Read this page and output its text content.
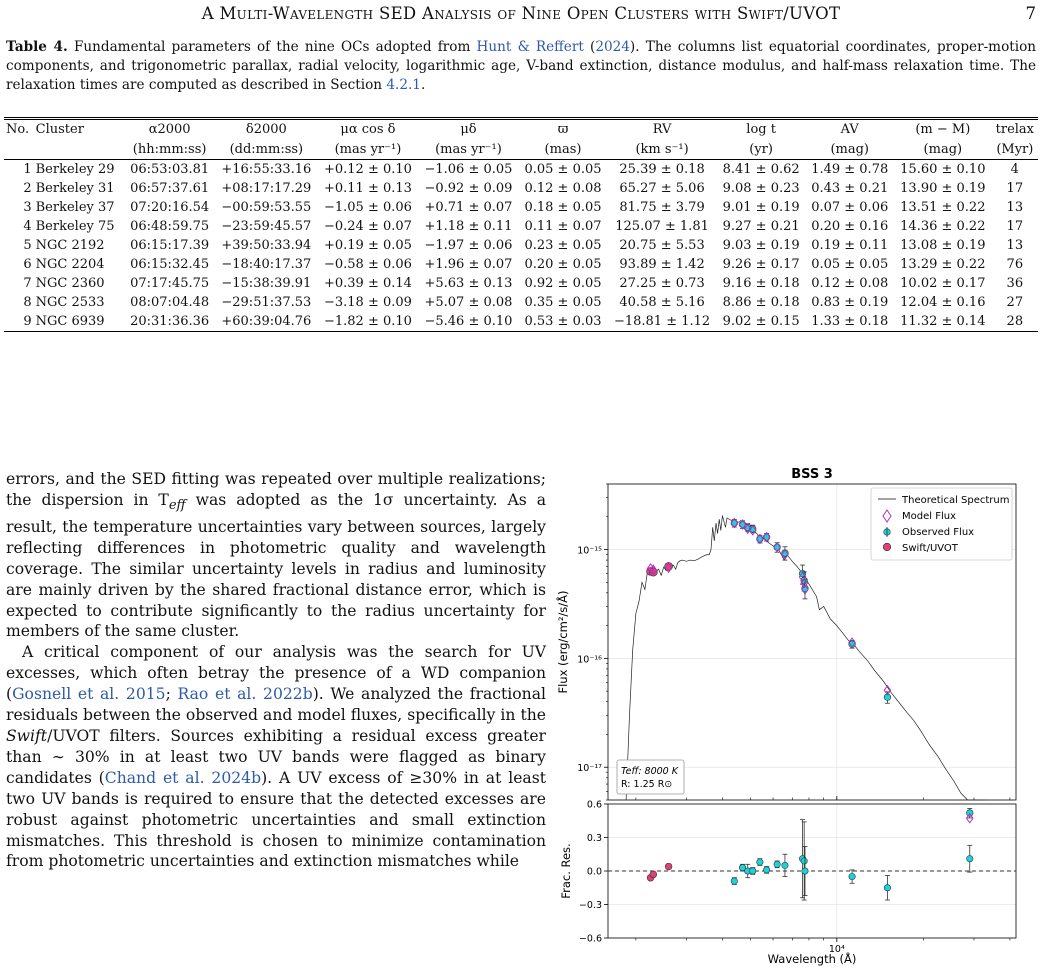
A Multi-Wavelength SED Analysis of Nine Open Clusters with Swift/UVOT	7
Table 4. Fundamental parameters of the nine OCs adopted from Hunt & Reffert (2024). The columns list equatorial coordinates, proper-motion components, and trigonometric parallax, radial velocity, logarithmic age, V-band extinction, distance modulus, and half-mass relaxation time. The relaxation times are computed as described in Section 4.2.1.
No.	Cluster	α2000	δ2000	μα cos δ	μδ	ϖ	RV	log t	AV	(m − M)	trelax
		(hh:mm:ss)	(dd:mm:ss)	(mas yr⁻¹)	(mas yr⁻¹)	(mas)	(km s⁻¹)	(yr)	(mag)	(mag)	(Myr)
1	Berkeley 29	06:53:03.81	+16:55:33.16	+0.12 ± 0.10	−1.06 ± 0.05	0.05 ± 0.05	25.39 ± 0.18	8.41 ± 0.62	1.49 ± 0.78	15.60 ± 0.10	4
2	Berkeley 31	06:57:37.61	+08:17:17.29	+0.11 ± 0.13	−0.92 ± 0.09	0.12 ± 0.08	65.27 ± 5.06	9.08 ± 0.23	0.43 ± 0.21	13.90 ± 0.19	17
3	Berkeley 37	07:20:16.54	−00:59:53.55	−1.05 ± 0.06	+0.71 ± 0.07	0.18 ± 0.05	81.75 ± 3.79	9.01 ± 0.19	0.07 ± 0.06	13.51 ± 0.22	13
4	Berkeley 75	06:48:59.75	−23:59:45.57	−0.24 ± 0.07	+1.18 ± 0.11	0.11 ± 0.07	125.07 ± 1.81	9.27 ± 0.21	0.20 ± 0.16	14.36 ± 0.22	17
5	NGC 2192	06:15:17.39	+39:50:33.94	+0.19 ± 0.05	−1.97 ± 0.06	0.23 ± 0.05	20.75 ± 5.53	9.03 ± 0.19	0.19 ± 0.11	13.08 ± 0.19	13
6	NGC 2204	06:15:32.45	−18:40:17.37	−0.58 ± 0.06	+1.96 ± 0.07	0.20 ± 0.05	93.89 ± 1.42	9.26 ± 0.17	0.05 ± 0.05	13.29 ± 0.22	76
7	NGC 2360	07:17:45.75	−15:38:39.91	+0.39 ± 0.14	+5.63 ± 0.13	0.92 ± 0.05	27.25 ± 0.73	9.16 ± 0.18	0.12 ± 0.08	10.02 ± 0.17	36
8	NGC 2533	08:07:04.48	−29:51:37.53	−3.18 ± 0.09	+5.07 ± 0.08	0.35 ± 0.05	40.58 ± 5.16	8.86 ± 0.18	0.83 ± 0.19	12.04 ± 0.16	27
9	NGC 6939	20:31:36.36	+60:39:04.76	−1.82 ± 0.10	−5.46 ± 0.10	0.53 ± 0.03	−18.81 ± 1.12	9.02 ± 0.15	1.33 ± 0.18	11.32 ± 0.14	28

errors, and the SED fitting was repeated over multiple realizations; the dispersion in $T_{eff}$ was adopted as the 1σ uncertainty. As a result, the temperature uncertainties vary between sources, largely reflecting differences in photometric quality and wavelength coverage. The similar uncertainty levels in radius and luminosity are mainly driven by the shared fractional distance error, which is expected to contribute significantly to the radius uncertainty for members of the same cluster.

A critical component of our analysis was the search for UV excesses, which often betray the presence of a WD companion (Gosnell et al. 2015; Rao et al. 2022b). We analyzed the fractional residuals between the observed and model fluxes, specifically in the Swift/UVOT filters. Sources exhibiting a residual excess greater than ∼ 30% in at least two UV bands were flagged as binary candidates (Chand et al. 2024b). A UV excess of ≥30% in at least two UV bands is required to ensure that the detected excesses are robust against photometric uncertainties and small extinction mismatches. This threshold is chosen to minimize contamination from photometric uncertainties and extinction mismatches while

BSS 3
10⁻¹⁵
10⁻¹⁶
10⁻¹⁷
Flux (erg/cm²/s/Å)
Theoretical Spectrum
Model Flux
Observed Flux
Swift/UVOT
Teff: 8000 K
R: 1.25 R⊙
0.6
0.3
0.0
−0.3
−0.6
10⁴
Frac. Res.
Wavelength (Å)
